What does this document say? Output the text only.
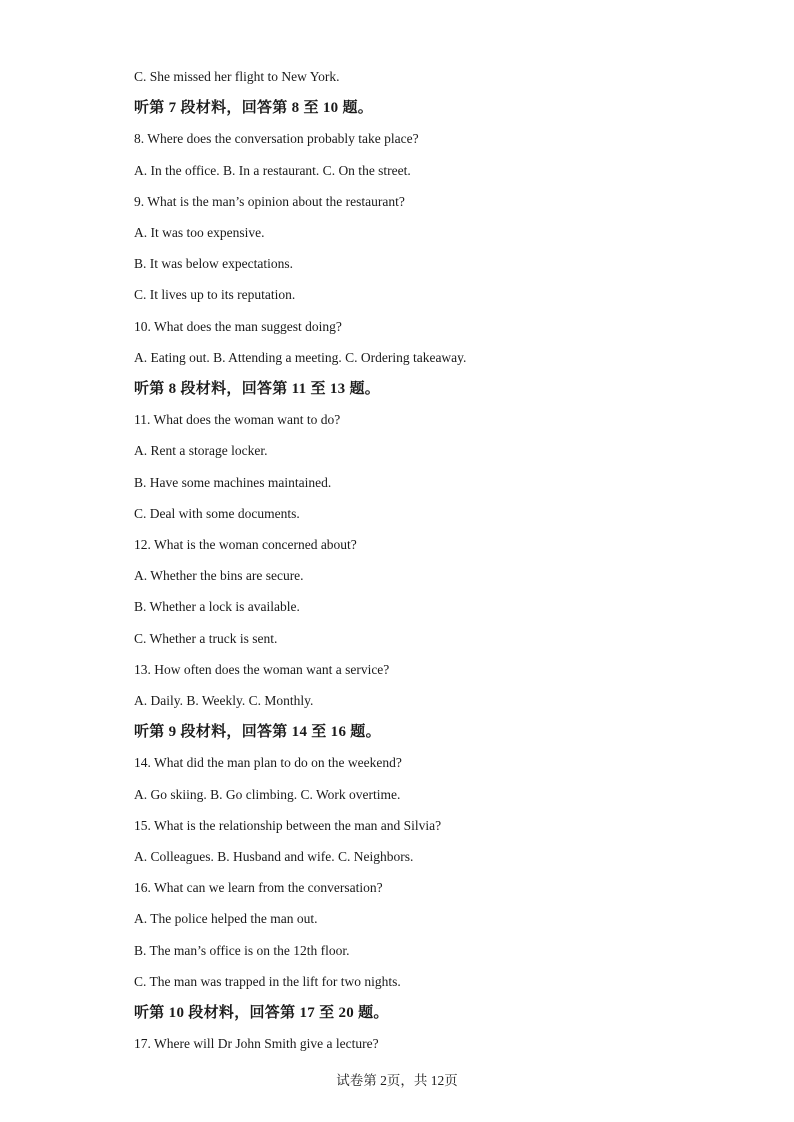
C. She missed her flight to New York.
听第 7 段材料，回答第 8 至 10 题。
8. Where does the conversation probably take place?
A. In the office. B. In a restaurant. C. On the street.
9. What is the man’s opinion about the restaurant?
A. It was too expensive.
B. It was below expectations.
C. It lives up to its reputation.
10. What does the man suggest doing?
A. Eating out. B. Attending a meeting. C. Ordering takeaway.
听第 8 段材料，回答第 11 至 13 题。
11. What does the woman want to do?
A. Rent a storage locker.
B. Have some machines maintained.
C. Deal with some documents.
12. What is the woman concerned about?
A. Whether the bins are secure.
B. Whether a lock is available.
C. Whether a truck is sent.
13. How often does the woman want a service?
A. Daily. B. Weekly. C. Monthly.
听第 9 段材料，回答第 14 至 16 题。
14. What did the man plan to do on the weekend?
A. Go skiing. B. Go climbing. C. Work overtime.
15. What is the relationship between the man and Silvia?
A. Colleagues. B. Husband and wife. C. Neighbors.
16. What can we learn from the conversation?
A. The police helped the man out.
B. The man’s office is on the 12th floor.
C. The man was trapped in the lift for two nights.
听第 10 段材料，回答第 17 至 20 题。
17. Where will Dr John Smith give a lecture?
试卷第 2页，共 12页
